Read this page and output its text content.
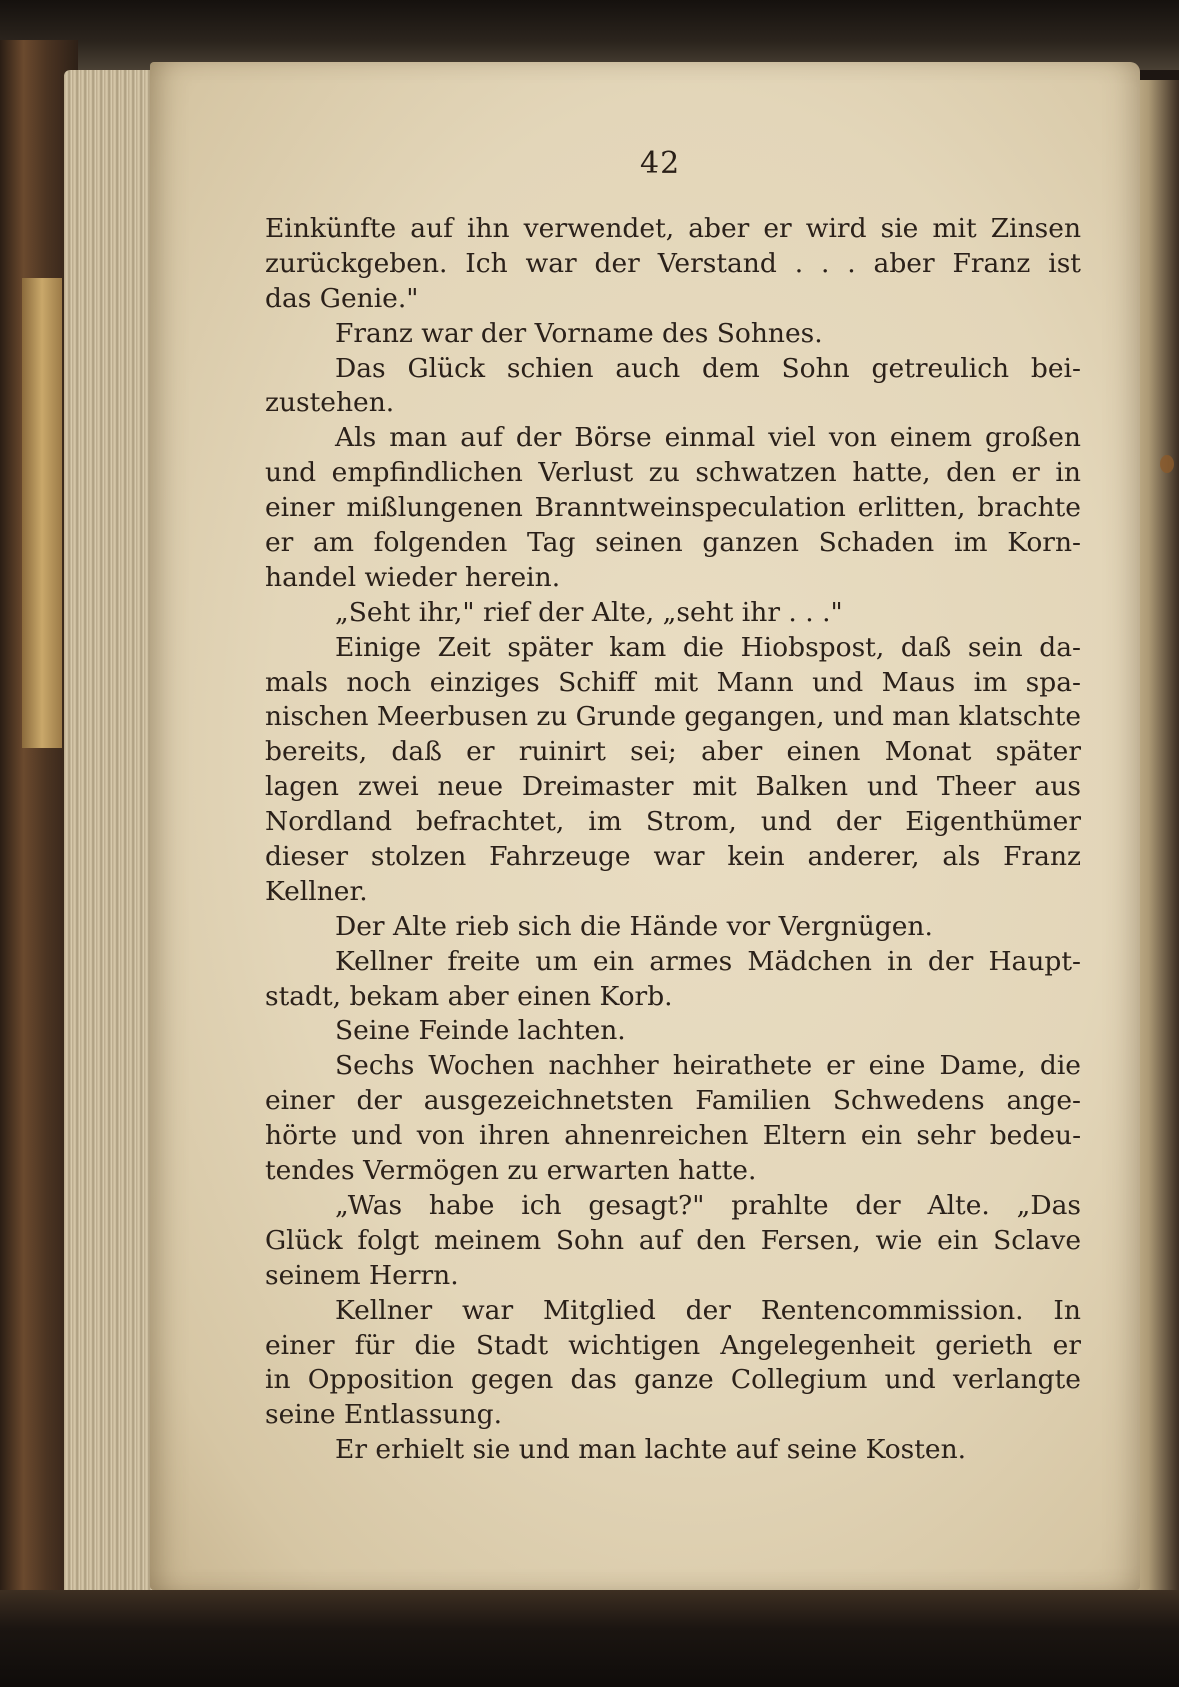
42
Einkünfte auf ihn verwendet, aber er wird sie mit Zinsen
zurückgeben. Ich war der Verstand . . . aber Franz ist
das Genie."
Franz war der Vorname des Sohnes.
Das Glück schien auch dem Sohn getreulich bei-
zustehen.
Als man auf der Börse einmal viel von einem großen
und empfindlichen Verlust zu schwatzen hatte, den er in
einer mißlungenen Branntweinspeculation erlitten, brachte
er am folgenden Tag seinen ganzen Schaden im Korn-
handel wieder herein.
„Seht ihr," rief der Alte, „seht ihr . . ."
Einige Zeit später kam die Hiobspost, daß sein da-
mals noch einziges Schiff mit Mann und Maus im spa-
nischen Meerbusen zu Grunde gegangen, und man klatschte
bereits, daß er ruinirt sei; aber einen Monat später
lagen zwei neue Dreimaster mit Balken und Theer aus
Nordland befrachtet, im Strom, und der Eigenthümer
dieser stolzen Fahrzeuge war kein anderer, als Franz
Kellner.
Der Alte rieb sich die Hände vor Vergnügen.
Kellner freite um ein armes Mädchen in der Haupt-
stadt, bekam aber einen Korb.
Seine Feinde lachten.
Sechs Wochen nachher heirathete er eine Dame, die
einer der ausgezeichnetsten Familien Schwedens ange-
hörte und von ihren ahnenreichen Eltern ein sehr bedeu-
tendes Vermögen zu erwarten hatte.
„Was habe ich gesagt?" prahlte der Alte. „Das
Glück folgt meinem Sohn auf den Fersen, wie ein Sclave
seinem Herrn.
Kellner war Mitglied der Rentencommission. In
einer für die Stadt wichtigen Angelegenheit gerieth er
in Opposition gegen das ganze Collegium und verlangte
seine Entlassung.
Er erhielt sie und man lachte auf seine Kosten.
